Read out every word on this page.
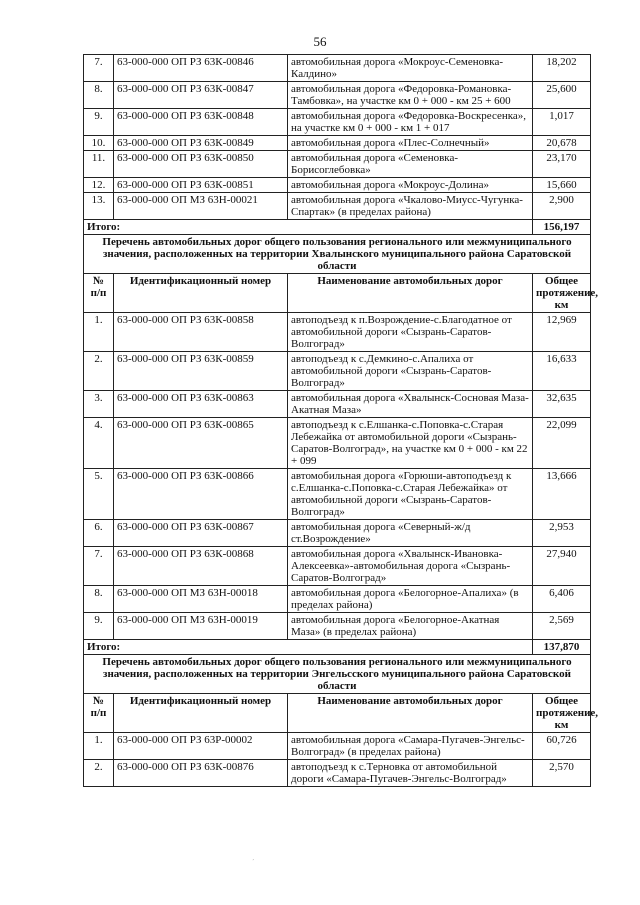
56
7.	63-000-000 ОП РЗ 63К-00846	автомобильная дорога «Мокроус-Семеновка-Калдино»	18,202
8.	63-000-000 ОП РЗ 63К-00847	автомобильная дорога «Федоровка-Романовка-Тамбовка», на участке км 0 + 000 - км 25 + 600	25,600
9.	63-000-000 ОП РЗ 63К-00848	автомобильная дорога «Федоровка-Воскресенка», на участке км 0 + 000 - км 1 + 017	1,017
10.	63-000-000 ОП РЗ 63К-00849	автомобильная дорога «Плес-Солнечный»	20,678
11.	63-000-000 ОП РЗ 63К-00850	автомобильная дорога «Семеновка-Борисоглебовка»	23,170
12.	63-000-000 ОП РЗ 63К-00851	автомобильная дорога «Мокроус-Долина»	15,660
13.	63-000-000 ОП МЗ 63Н-00021	автомобильная дорога «Чкалово-Миусс-Чугунка-Спартак» (в пределах района)	2,900
Итого:			156,197
Перечень автомобильных дорог общего пользования регионального или межмуниципального значения, расположенных на территории Хвалынского муниципального района Саратовской области			
№ п/п	Идентификационный номер	Наименование автомобильных дорог	Общее протяжение, км
1.	63-000-000 ОП РЗ 63К-00858	автоподъезд к п.Возрождение-с.Благодатное от автомобильной дороги «Сызрань-Саратов-Волгоград»	12,969
2.	63-000-000 ОП РЗ 63К-00859	автоподъезд к с.Демкино-с.Апалиха от автомобильной дороги «Сызрань-Саратов-Волгоград»	16,633
3.	63-000-000 ОП РЗ 63К-00863	автомобильная дорога «Хвалынск-Сосновая Маза-Акатная Маза»	32,635
4.	63-000-000 ОП РЗ 63К-00865	автоподъезд к с.Елшанка-с.Поповка-с.Старая Лебежайка от автомобильной дороги «Сызрань-Саратов-Волгоград», на участке км 0 + 000 - км 22 + 099	22,099
5.	63-000-000 ОП РЗ 63К-00866	автомобильная дорога «Горюши-автоподъезд к с.Елшанка-с.Поповка-с.Старая Лебежайка» от автомобильной дороги «Сызрань-Саратов-Волгоград»	13,666
6.	63-000-000 ОП РЗ 63К-00867	автомобильная дорога «Северный-ж/д ст.Возрождение»	2,953
7.	63-000-000 ОП РЗ 63К-00868	автомобильная дорога «Хвалынск-Ивановка-Алексеевка»-автомобильная дорога «Сызрань-Саратов-Волгоград»	27,940
8.	63-000-000 ОП МЗ 63Н-00018	автомобильная дорога «Белогорное-Апалиха» (в пределах района)	6,406
9.	63-000-000 ОП МЗ 63Н-00019	автомобильная дорога «Белогорное-Акатная Маза» (в пределах района)	2,569
Итого:			137,870
Перечень автомобильных дорог общего пользования регионального или межмуниципального значения, расположенных на территории Энгельсского муниципального района Саратовской области			
№ п/п	Идентификационный номер	Наименование автомобильных дорог	Общее протяжение, км
1.	63-000-000 ОП РЗ 63Р-00002	автомобильная дорога «Самара-Пугачев-Энгельс-Волгоград» (в пределах района)	60,726
2.	63-000-000 ОП РЗ 63К-00876	автоподъезд к с.Терновка от автомобильной дороги «Самара-Пугачев-Энгельс-Волгоград»	2,570
᾽
